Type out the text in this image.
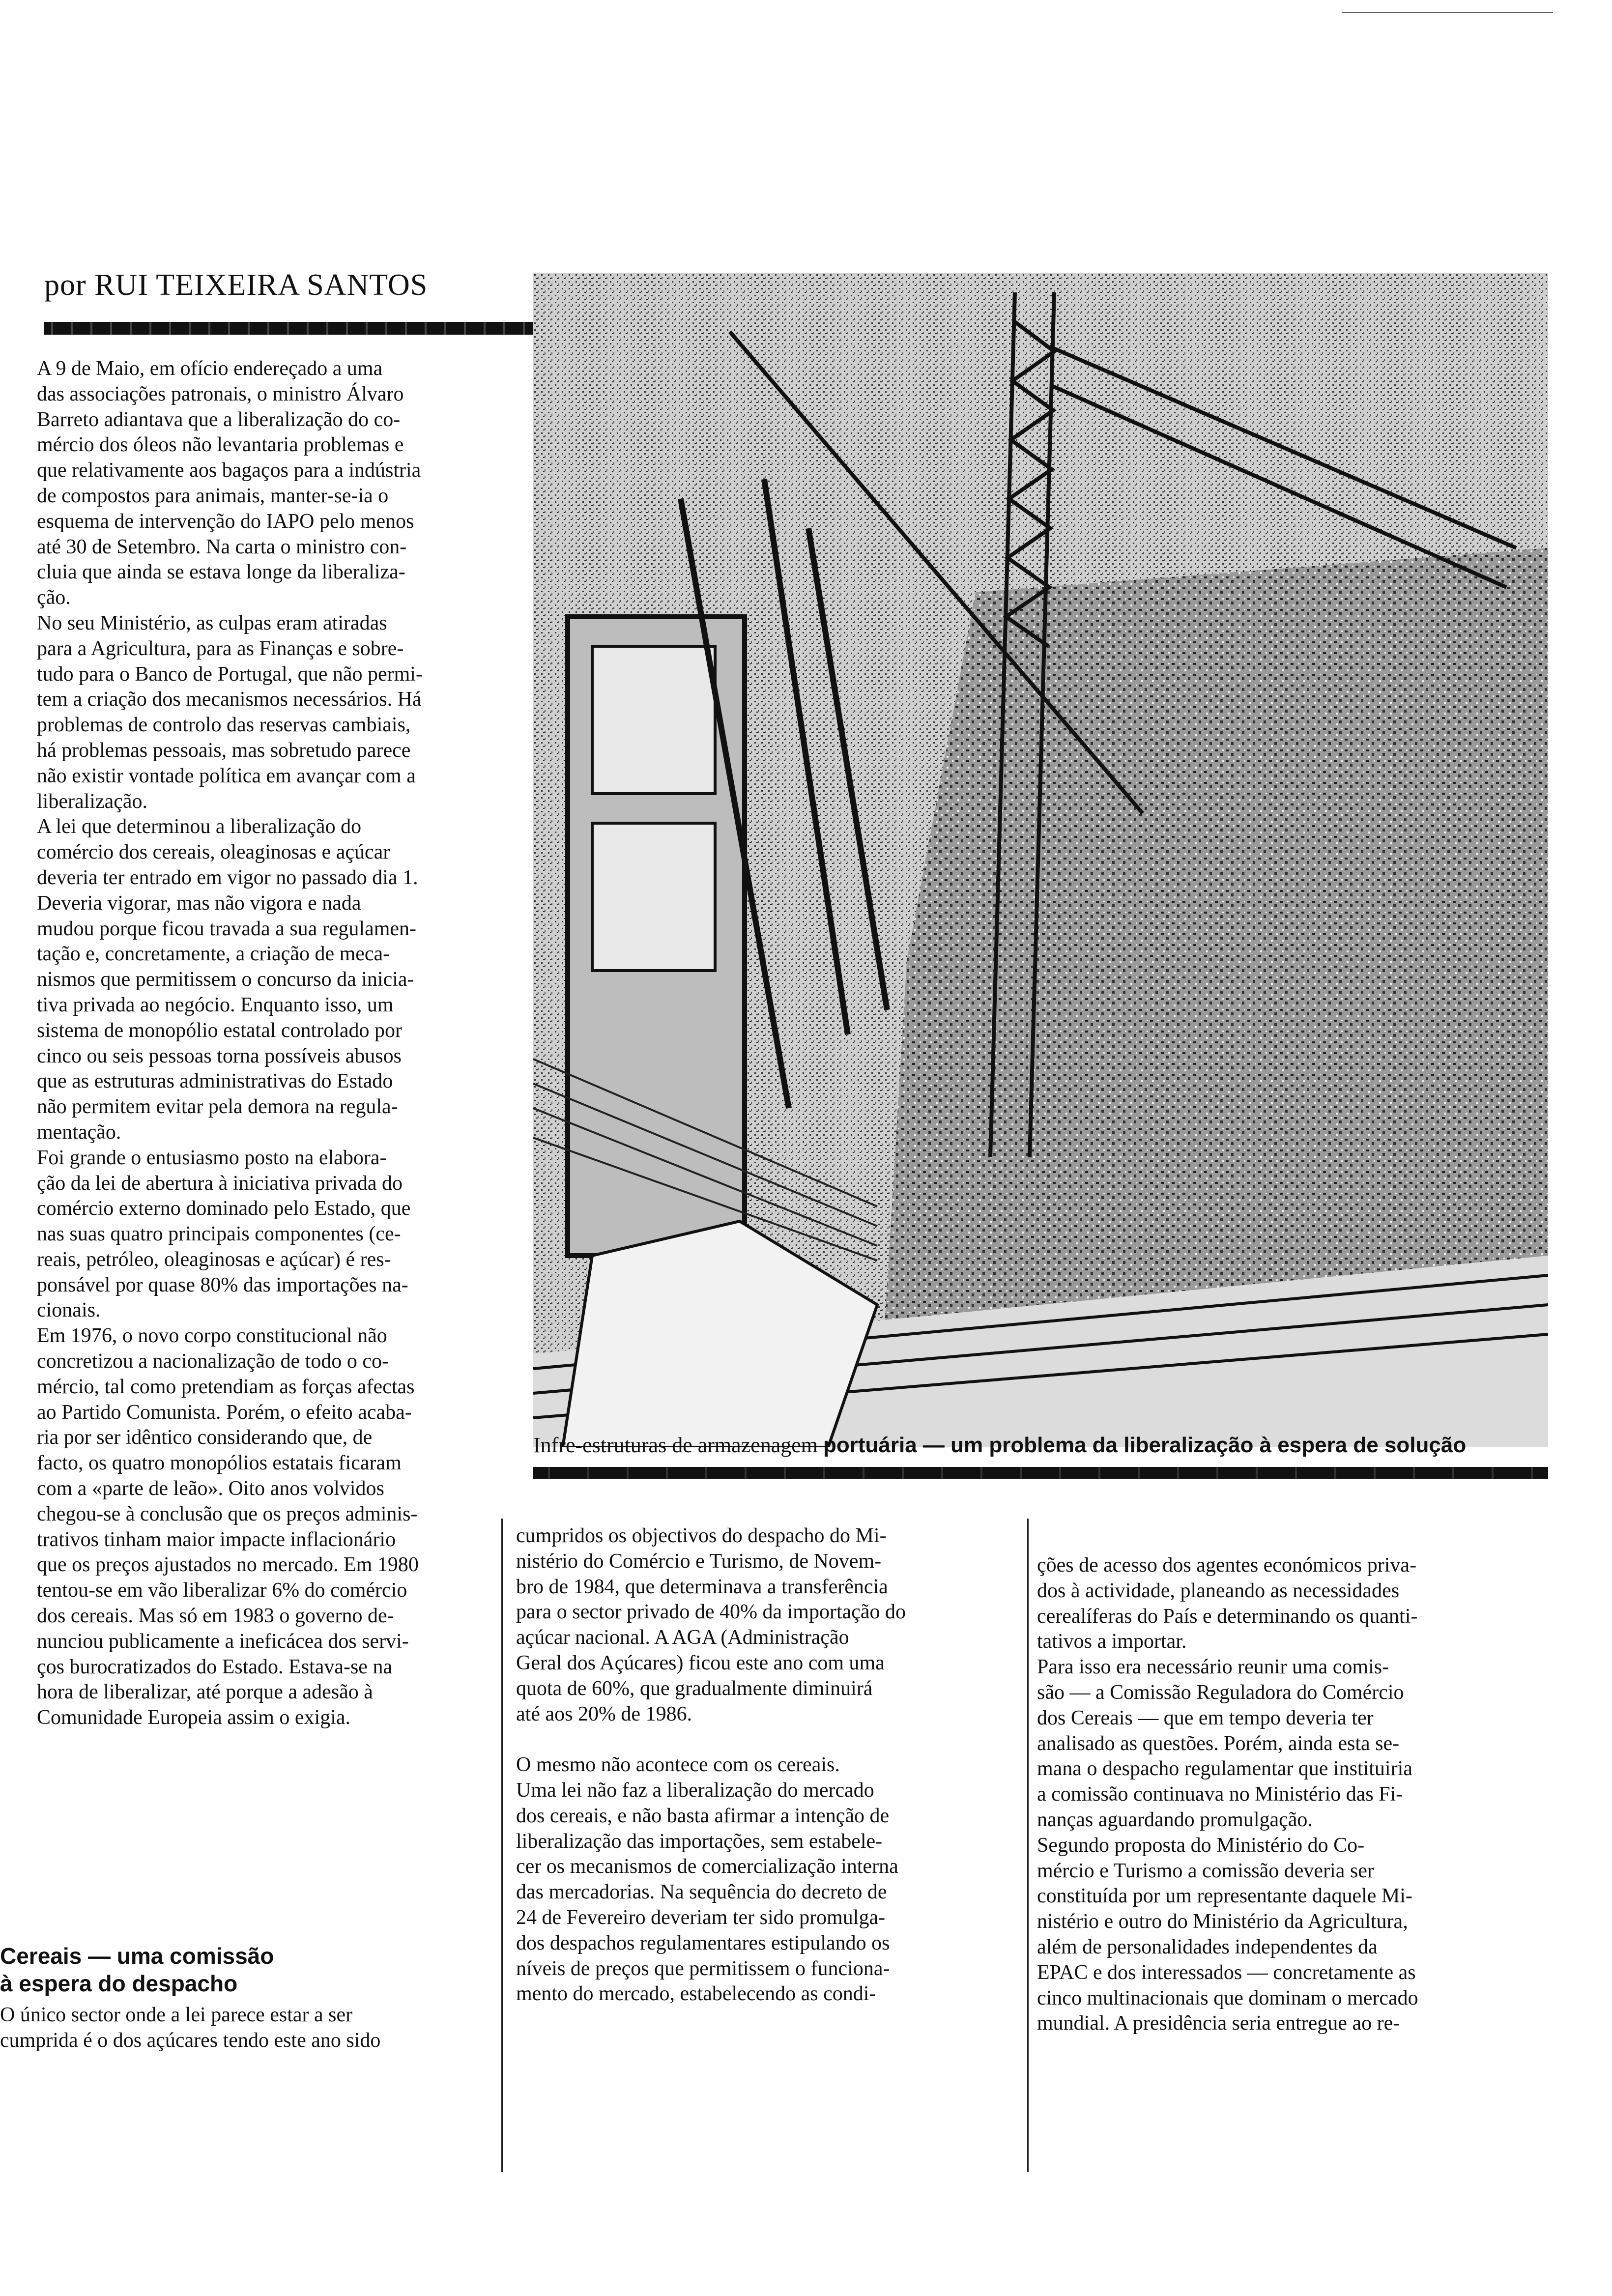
por RUI TEIXEIRA SANTOS
A 9 de Maio, em ofício endereçado a uma
das associações patronais, o ministro Álvaro
Barreto adiantava que a liberalização do co-
mércio dos óleos não levantaria problemas e
que relativamente aos bagaços para a indústria
de compostos para animais, manter-se-ia o
esquema de intervenção do IAPO pelo menos
até 30 de Setembro. Na carta o ministro con-
cluia que ainda se estava longe da liberaliza-
ção.
No seu Ministério, as culpas eram atiradas
para a Agricultura, para as Finanças e sobre-
tudo para o Banco de Portugal, que não permi-
tem a criação dos mecanismos necessários. Há
problemas de controlo das reservas cambiais,
há problemas pessoais, mas sobretudo parece
não existir vontade política em avançar com a
liberalização.
A lei que determinou a liberalização do
comércio dos cereais, oleaginosas e açúcar
deveria ter entrado em vigor no passado dia 1.
Deveria vigorar, mas não vigora e nada
mudou porque ficou travada a sua regulamen-
tação e, concretamente, a criação de meca-
nismos que permitissem o concurso da inicia-
tiva privada ao negócio. Enquanto isso, um
sistema de monopólio estatal controlado por
cinco ou seis pessoas torna possíveis abusos
que as estruturas administrativas do Estado
não permitem evitar pela demora na regula-
mentação.
Foi grande o entusiasmo posto na elabora-
ção da lei de abertura à iniciativa privada do
comércio externo dominado pelo Estado, que
nas suas quatro principais componentes (ce-
reais, petróleo, oleaginosas e açúcar) é res-
ponsável por quase 80% das importações na-
cionais.
Em 1976, o novo corpo constitucional não
concretizou a nacionalização de todo o co-
mércio, tal como pretendiam as forças afectas
ao Partido Comunista. Porém, o efeito acaba-
ria por ser idêntico considerando que, de
facto, os quatro monopólios estatais ficaram
com a «parte de leão». Oito anos volvidos
chegou-se à conclusão que os preços adminis-
trativos tinham maior impacte inflacionário
que os preços ajustados no mercado. Em 1980
tentou-se em vão liberalizar 6% do comércio
dos cereais. Mas só em 1983 o governo de-
nunciou publicamente a ineficácea dos servi-
ços burocratizados do Estado. Estava-se na
hora de liberalizar, até porque a adesão à
Comunidade Europeia assim o exigia.
Cereais — uma comissão
à espera do despacho
O único sector onde a lei parece estar a ser
cumprida é o dos açúcares tendo este ano sido
Infre-estruturas de armazenagem portuária — um problema da liberalização à espera de solução
cumpridos os objectivos do despacho do Mi-
nistério do Comércio e Turismo, de Novem-
bro de 1984, que determinava a transferência
para o sector privado de 40% da importação do
açúcar nacional. A AGA (Administração
Geral dos Açúcares) ficou este ano com uma
quota de 60%, que gradualmente diminuirá
até aos 20% de 1986.

O mesmo não acontece com os cereais.
Uma lei não faz a liberalização do mercado
dos cereais, e não basta afirmar a intenção de
liberalização das importações, sem estabele-
cer os mecanismos de comercialização interna
das mercadorias. Na sequência do decreto de
24 de Fevereiro deveriam ter sido promulga-
dos despachos regulamentares estipulando os
níveis de preços que permitissem o funciona-
mento do mercado, estabelecendo as condi-
ções de acesso dos agentes económicos priva-
dos à actividade, planeando as necessidades
cerealíferas do País e determinando os quanti-
tativos a importar.
Para isso era necessário reunir uma comis-
são — a Comissão Reguladora do Comércio
dos Cereais — que em tempo deveria ter
analisado as questões. Porém, ainda esta se-
mana o despacho regulamentar que instituiria
a comissão continuava no Ministério das Fi-
nanças aguardando promulgação.
Segundo proposta do Ministério do Co-
mércio e Turismo a comissão deveria ser
constituída por um representante daquele Mi-
nistério e outro do Ministério da Agricultura,
além de personalidades independentes da
EPAC e dos interessados — concretamente as
cinco multinacionais que dominam o mercado
mundial. A presidência seria entregue ao re-
